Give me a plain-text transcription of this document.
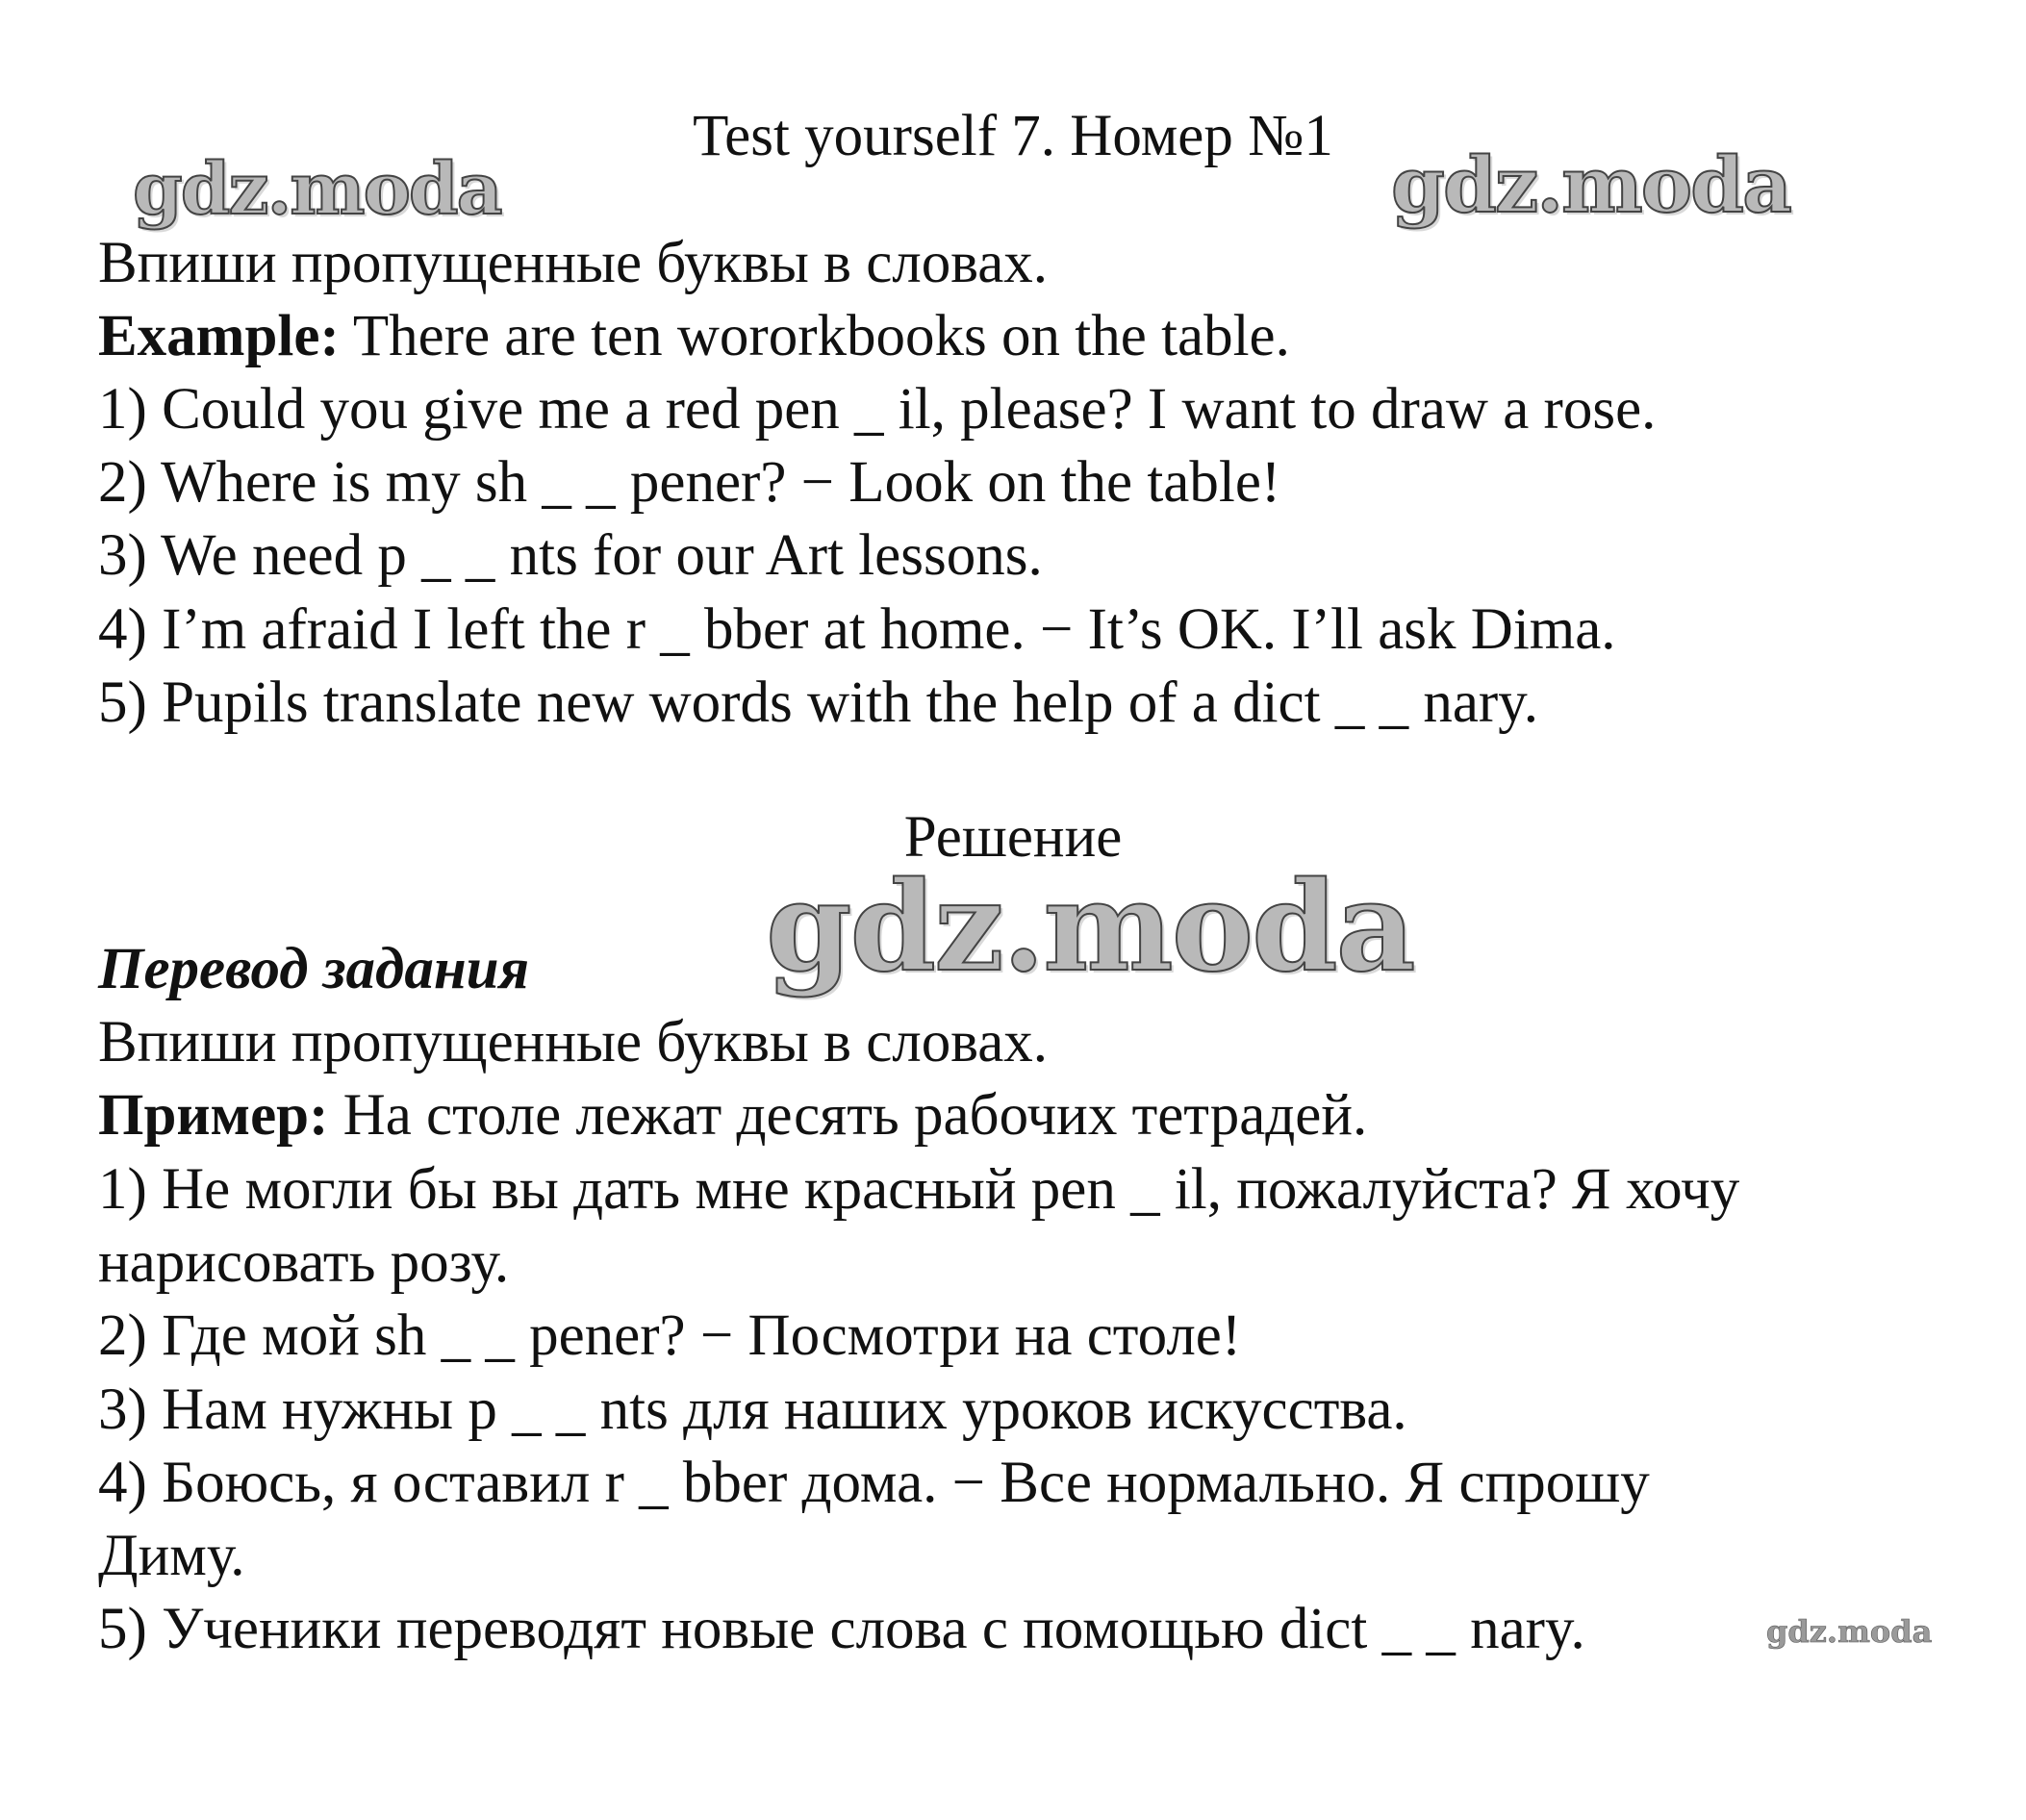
gdz.moda	gdz.moda
gdz.moda
gdz.moda

Test yourself 7. Номер №1

Впиши пропущенные буквы в словах.

Example: There are ten wororkbooks on the table.

1) Could you give me a red pen _ il, please? I want to draw a rose.

2) Where is my sh _ _ pener? − Look on the table!

3) We need p _ _ nts for our Art lessons.

4) I’m afraid I left the r _ bber at home. − It’s OK. I’ll ask Dima.

5) Pupils translate new words with the help of a dict _ _ nary.

Решение

Перевод задания

Впиши пропущенные буквы в словах.

Пример: На столе лежат десять рабочих тетрадей.

1) Не могли бы вы дать мне красный pen _ il, пожалуйста? Я хочу

нарисовать розу.

2) Где мой sh _ _ pener? − Посмотри на столе!

3) Нам нужны p _ _ nts для наших уроков искусства.

4) Боюсь, я оставил r _ bber дома. − Все нормально. Я спрошу

Диму.

5) Ученики переводят новые слова с помощью dict _ _ nary.
